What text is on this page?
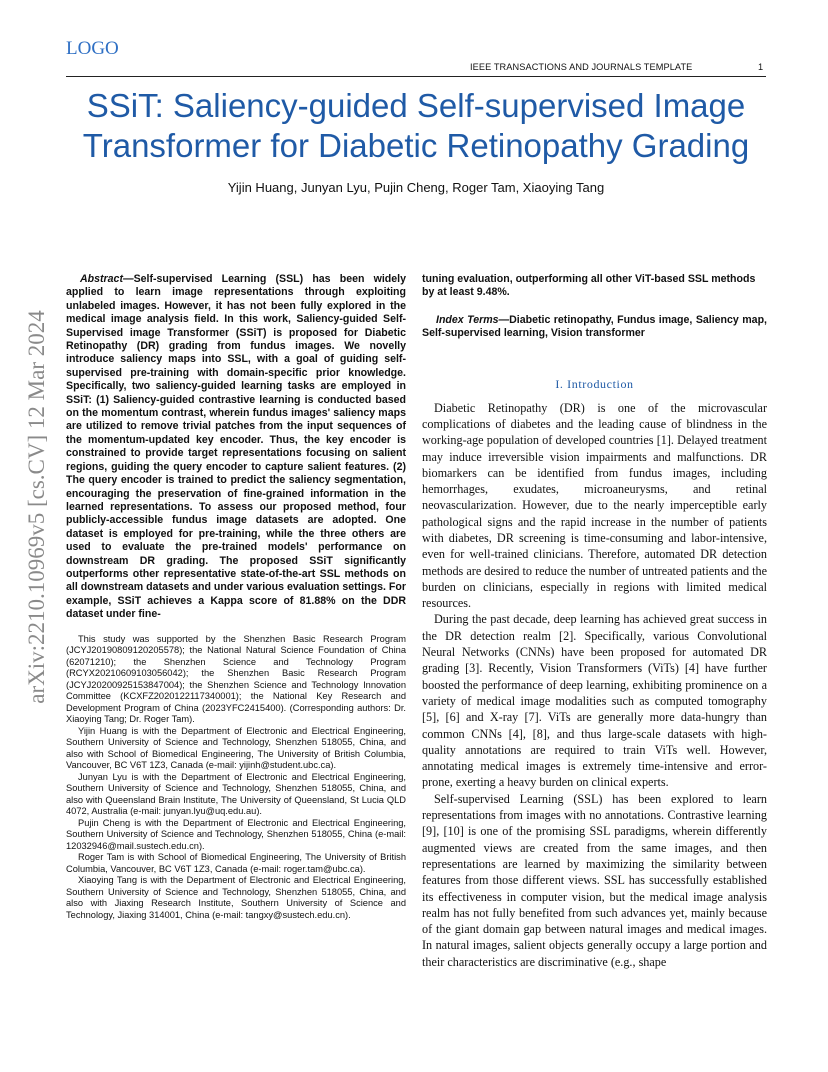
LOGO
IEEE TRANSACTIONS AND JOURNALS TEMPLATE	1
SSiT: Saliency-guided Self-supervised Image Transformer for Diabetic Retinopathy Grading
Yijin Huang, Junyan Lyu, Pujin Cheng, Roger Tam, Xiaoying Tang
arXiv:2210.10969v5 [cs.CV] 12 Mar 2024

Abstract—Self-supervised Learning (SSL) has been widely applied to learn image representations through exploiting unlabeled images. However, it has not been fully explored in the medical image analysis field. In this work, Saliency-guided Self-Supervised image Transformer (SSiT) is proposed for Diabetic Retinopathy (DR) grading from fundus images. We novelly introduce saliency maps into SSL, with a goal of guiding self-supervised pre-training with domain-specific prior knowledge. Specifically, two saliency-guided learning tasks are employed in SSiT: (1) Saliency-guided contrastive learning is conducted based on the momentum contrast, wherein fundus images' saliency maps are utilized to remove trivial patches from the input sequences of the momentum-updated key encoder. Thus, the key encoder is constrained to provide target representations focusing on salient regions, guiding the query encoder to capture salient features. (2) The query encoder is trained to predict the saliency segmentation, encouraging the preservation of fine-grained information in the learned representations. To assess our proposed method, four publicly-accessible fundus image datasets are adopted. One dataset is employed for pre-training, while the three others are used to evaluate the pre-trained models' performance on downstream DR grading. The proposed SSiT significantly outperforms other representative state-of-the-art SSL methods on all downstream datasets and under various evaluation settings. For example, SSiT achieves a Kappa score of 81.88% on the DDR dataset under fine-

This study was supported by the Shenzhen Basic Research Program (JCYJ20190809120205578); the National Natural Science Foundation of China (62071210); the Shenzhen Science and Technology Program (RCYX20210609103056042); the Shenzhen Basic Research Program (JCYJ20200925153847004); the Shenzhen Science and Technology Innovation Committee (KCXFZ2020122117340001); the National Key Research and Development Program of China (2023YFC2415400). (Corresponding authors: Dr. Xiaoying Tang; Dr. Roger Tam).

Yijin Huang is with the Department of Electronic and Electrical Engineering, Southern University of Science and Technology, Shenzhen 518055, China, and also with School of Biomedical Engineering, The University of British Columbia, Vancouver, BC V6T 1Z3, Canada (e-mail: yijinh@student.ubc.ca).

Junyan Lyu is with the Department of Electronic and Electrical Engineering, Southern University of Science and Technology, Shenzhen 518055, China, and also with Queensland Brain Institute, The University of Queensland, St Lucia QLD 4072, Australia (e-mail: junyan.lyu@uq.edu.au).

Pujin Cheng is with the Department of Electronic and Electrical Engineering, Southern University of Science and Technology, Shenzhen 518055, China (e-mail: 12032946@mail.sustech.edu.cn).

Roger Tam is with School of Biomedical Engineering, The University of British Columbia, Vancouver, BC V6T 1Z3, Canada (e-mail: roger.tam@ubc.ca).

Xiaoying Tang is with the Department of Electronic and Electrical Engineering, Southern University of Science and Technology, Shenzhen 518055, China, and also with Jiaxing Research Institute, Southern University of Science and Technology, Jiaxing 314001, China (e-mail: tangxy@sustech.edu.cn).

tuning evaluation, outperforming all other ViT-based SSL methods by at least 9.48%.

Index Terms—Diabetic retinopathy, Fundus image, Saliency map, Self-supervised learning, Vision transformer

I. Introduction

Diabetic Retinopathy (DR) is one of the microvascular complications of diabetes and the leading cause of blindness in the working-age population of developed countries [1]. Delayed treatment may induce irreversible vision impairments and malfunctions. DR biomarkers can be identified from fundus images, including hemorrhages, exudates, microaneurysms, and retinal neovascularization. However, due to the nearly imperceptible early pathological signs and the rapid increase in the number of patients with diabetes, DR screening is time-consuming and labor-intensive, even for well-trained clinicians. Therefore, automated DR detection methods are desired to reduce the number of untreated patients and the burden on clinicians, especially in regions with limited medical resources.

During the past decade, deep learning has achieved great success in the DR detection realm [2]. Specifically, various Convolutional Neural Networks (CNNs) have been proposed for automated DR grading [3]. Recently, Vision Transformers (ViTs) [4] have further boosted the performance of deep learning, exhibiting prominence on a variety of medical image modalities such as computed tomography [5], [6] and X-ray [7]. ViTs are generally more data-hungry than common CNNs [4], [8], and thus large-scale datasets with high-quality annotations are required to train ViTs well. However, annotating medical images is extremely time-intensive and error-prone, exerting a heavy burden on clinical experts.

Self-supervised Learning (SSL) has been explored to learn representations from images with no annotations. Contrastive learning [9], [10] is one of the promising SSL paradigms, wherein differently augmented views are created from the same images, and then representations are learned by maximizing the similarity between features from those different views. SSL has successfully established its effectiveness in computer vision, but the medical image analysis realm has not fully benefited from such advances yet, mainly because of the giant domain gap between natural images and medical images. In natural images, salient objects generally occupy a large portion and their characteristics are discriminative (e.g., shape
